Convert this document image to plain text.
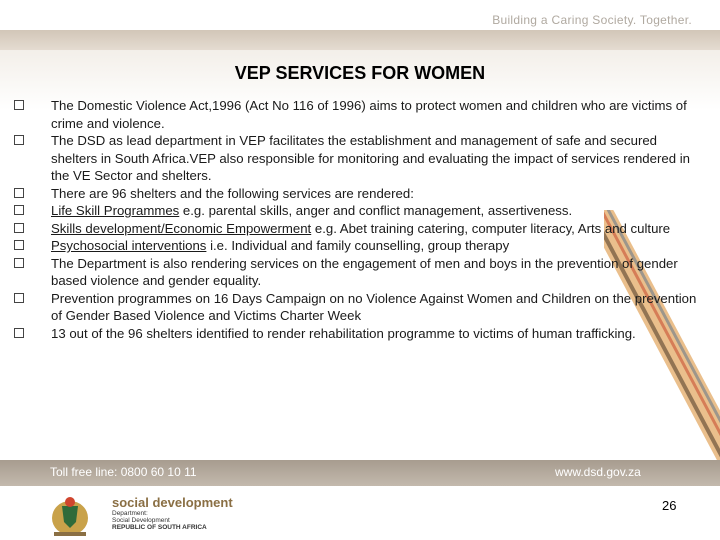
Building a Caring Society. Together.
VEP SERVICES FOR WOMEN
The Domestic Violence Act,1996 (Act No 116 of 1996) aims to protect women and children who are victims of crime and violence.
The DSD as lead department in VEP facilitates the establishment and management of safe and secured shelters in South Africa.VEP also responsible for monitoring and evaluating the impact of services rendered in the VE Sector and shelters.
There are 96 shelters and the following services are rendered:
Life Skill Programmes e.g. parental skills, anger and conflict management, assertiveness.
Skills development/Economic Empowerment e.g. Abet training catering, computer literacy, Arts and culture
Psychosocial interventions i.e. Individual and family counselling, group therapy
The Department is also rendering services on the engagement of men and boys in the prevention of gender based violence and gender equality.
Prevention programmes on 16 Days Campaign on no Violence Against Women and Children on the prevention of Gender Based Violence and Victims Charter Week
13 out of the 96 shelters identified to render rehabilitation programme to victims of human trafficking.
Toll free line: 0800 60 10 11	www.dsd.gov.za
social development
Department:
Social Development
REPUBLIC OF SOUTH AFRICA
26
